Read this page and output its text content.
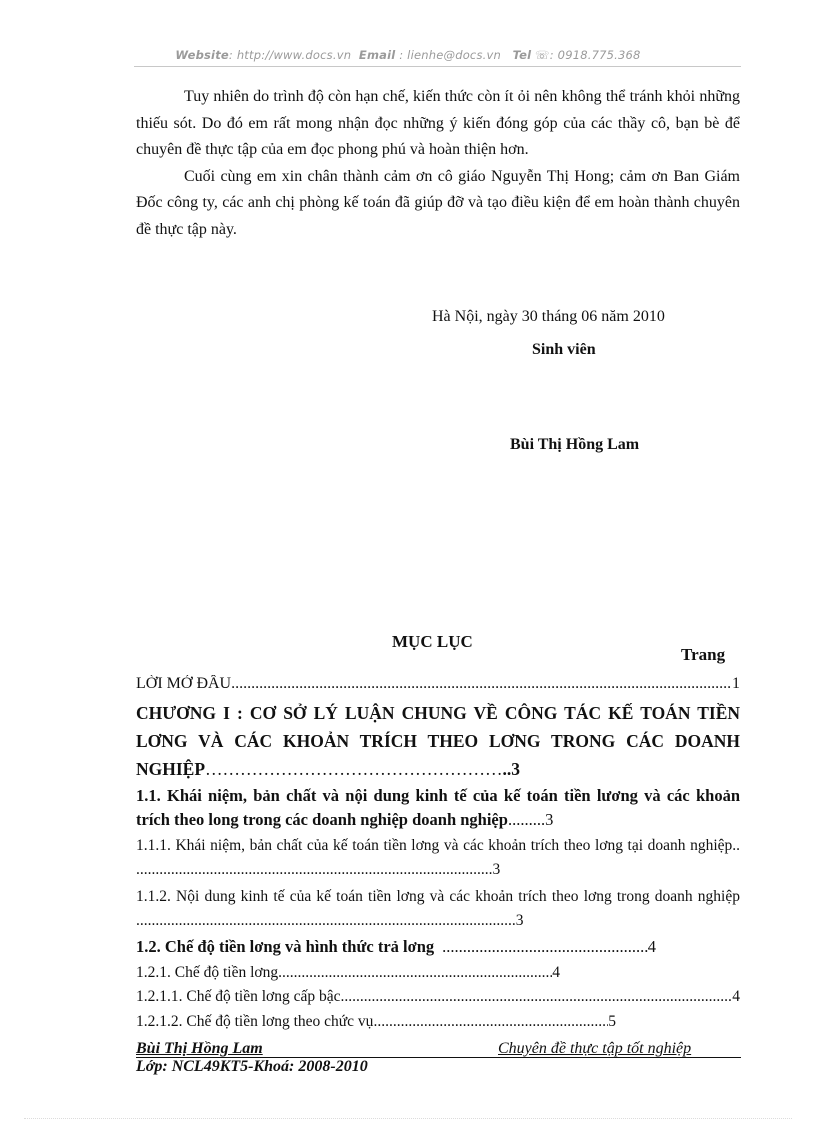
Website: http://www.docs.vn Email : lienhe@docs.vn Tel ☏: 0918.775.368

Tuy nhiên do trình độ còn hạn chế, kiến thức còn ít ỏi nên không thể tránh khỏi những thiếu sót. Do đó em rất mong nhận đọc những ý kiến đóng góp của các thầy cô, bạn bè để chuyên đề thực tập của em đọc phong phú và hoàn thiện hơn.

Cuối cùng em xin chân thành cảm ơn cô giáo Nguyễn Thị Hong; cảm ơn Ban Giám Đốc công ty, các anh chị phòng kế toán đã giúp đỡ và tạo điều kiện để em hoàn thành chuyên đề thực tập này.

Hà Nội, ngày 30 tháng 06 năm 2010
Sinh viên
Bùi Thị Hồng Lam
MỤC LỤC
Trang
LỜI MỞ ĐẦU .....	1
CHƯƠNG I : CƠ SỞ LÝ LUẬN CHUNG VỀ CÔNG TÁC KẾ TOÁN TIỀN LƠNG VÀ CÁC KHOẢN TRÍCH THEO LƠNG TRONG CÁC DOANH NGHIỆP……………………………………………..3
1.1. Khái niệm, bản chất và nội dung kinh tế của kế toán tiền lương và các khoản trích theo long trong các doanh nghiệp doanh nghiệp.........3
1.1.1. Khái niệm, bản chất của kế toán tiền lơng và các khoản trích theo lơng tại doanh nghiệp.. ............................................................................................3
1.1.2. Nội dung kinh tế của kế toán tiền lơng và các khoản trích theo lơng trong doanh nghiệp ..................................................................................................3
1.2. Chế độ tiền lơng và hình thức trả lơng .....	4
1.2.1. Chế độ tiền lơng .....	4
1.2.1.1. Chế độ tiền lơng cấp bậc .....	4
1.2.1.2. Chế độ tiền lơng theo chức vụ .....	5
Bùi Thị Hồng Lam	Chuyên đề thực tập tốt nghiệp
Lớp: NCL49KT5-Khoá: 2008-2010
